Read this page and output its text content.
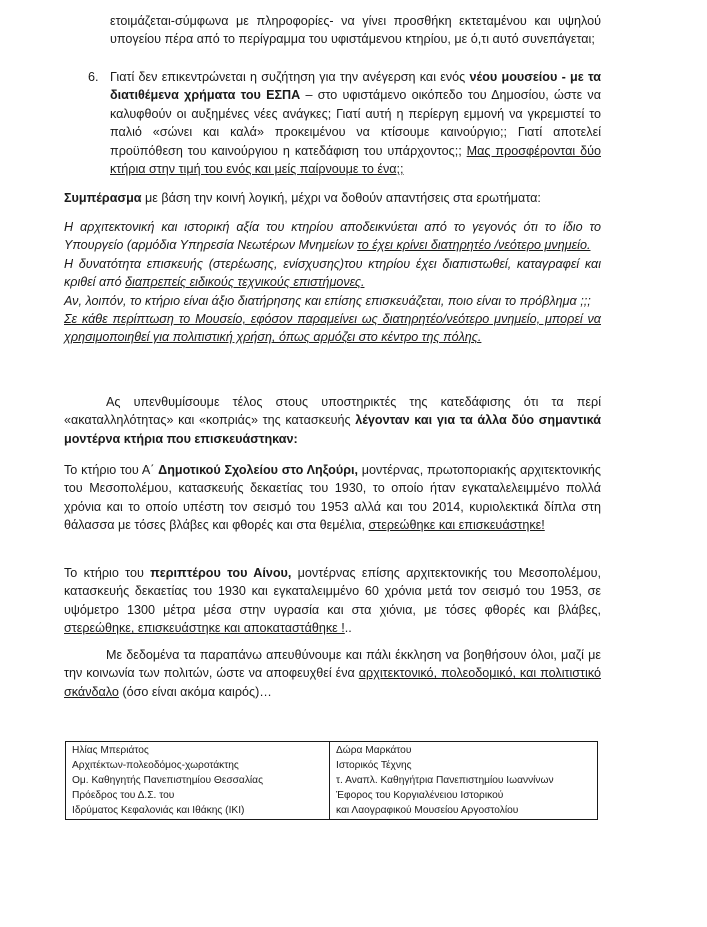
ετοιμάζεται-σύμφωνα με πληροφορίες- να γίνει προσθήκη εκτεταμένου και υψηλού υπογείου πέρα από το περίγραμμα του υφιστάμενου κτηρίου, με ό,τι αυτό συνεπάγεται;

6. Γιατί δεν επικεντρώνεται η συζήτηση για την ανέγερση και ενός νέου μουσείου - με τα διατιθέμενα χρήματα του ΕΣΠΑ – στο υφιστάμενο οικόπεδο του Δημοσίου, ώστε να καλυφθούν οι αυξημένες νέες ανάγκες; Γιατί αυτή η περίεργη εμμονή να γκρεμιστεί το παλιό «σώνει και καλά» προκειμένου να κτίσουμε καινούργιο;; Γιατί αποτελεί προϋπόθεση του καινούργιου η κατεδάφιση του υπάρχοντος;; Μας προσφέρονται δύο κτήρια στην τιμή του ενός και μείς παίρνουμε το ένα;;

Συμπέρασμα με βάση την κοινή λογική, μέχρι να δοθούν απαντήσεις στα ερωτήματα:

Η αρχιτεκτονική και ιστορική αξία του κτηρίου αποδεικνύεται από το γεγονός ότι το ίδιο το Υπουργείο (αρμόδια Υπηρεσία Νεωτέρων Μνημείων το έχει κρίνει διατηρητέο /νεότερο μνημείο.
Η δυνατότητα επισκευής (στερέωσης, ενίσχυσης)του κτηρίου έχει διαπιστωθεί, καταγραφεί και κριθεί από διαπρεπείς ειδικούς τεχνικούς επιστήμονες.
Αν, λοιπόν, το κτήριο είναι άξιο διατήρησης και επίσης επισκευάζεται, ποιο είναι το πρόβλημα ;;;
Σε κάθε περίπτωση το Μουσείο, εφόσον παραμείνει ως διατηρητέο/νεότερο μνημείο, μπορεί να χρησιμοποιηθεί για πολιτιστική χρήση, όπως αρμόζει στο κέντρο της πόλης.

Ας υπενθυμίσουμε τέλος στους υποστηρικτές της κατεδάφισης ότι τα περί «ακαταλληλότητας» και «κοπριάς» της κατασκευής λέγονταν και για τα άλλα δύο σημαντικά μοντέρνα κτήρια που επισκευάστηκαν:

Το κτήριο του Α΄ Δημοτικού Σχολείου στο Ληξούρι, μοντέρνας, πρωτοποριακής αρχιτεκτονικής του Μεσοπολέμου, κατασκευής δεκαετίας του 1930, το οποίο ήταν εγκαταλελειμμένο πολλά χρόνια και το οποίο υπέστη τον σεισμό του 1953 αλλά και του 2014, κυριολεκτικά δίπλα στη θάλασσα με τόσες βλάβες και φθορές και στα θεμέλια, στερεώθηκε και επισκευάστηκε!

Το κτήριο του περιπτέρου του Αίνου, μοντέρνας επίσης αρχιτεκτονικής του Μεσοπολέμου, κατασκευής δεκαετίας του 1930 και εγκαταλειμμένο 60 χρόνια μετά τον σεισμό του 1953, σε υψόμετρο 1300 μέτρα μέσα στην υγρασία και στα χιόνια, με τόσες φθορές και βλάβες, στερεώθηκε, επισκευάστηκε και αποκαταστάθηκε !..

Με δεδομένα τα παραπάνω απευθύνουμε και πάλι έκκληση να βοηθήσουν όλοι, μαζί με την κοινωνία των πολιτών, ώστε να αποφευχθεί ένα αρχιτεκτονικό, πολεοδομικό, και πολιτιστικό σκάνδαλο (όσο είναι ακόμα καιρός)…

Ηλίας Μπεριάτος
Αρχιτέκτων-πολεοδόμος-χωροτάκτης
Ομ. Καθηγητής Πανεπιστημίου Θεσσαλίας
Πρόεδρος του Δ.Σ. του
Ιδρύματος Κεφαλονιάς και Ιθάκης (ΙΚΙ)

Δώρα Μαρκάτου
Ιστορικός Τέχνης
τ. Αναπλ. Καθηγήτρια Πανεπιστημίου Ιωαννίνων
Έφορος του Κοργιαλένειου Ιστορικού
και Λαογραφικού Μουσείου Αργοστολίου
